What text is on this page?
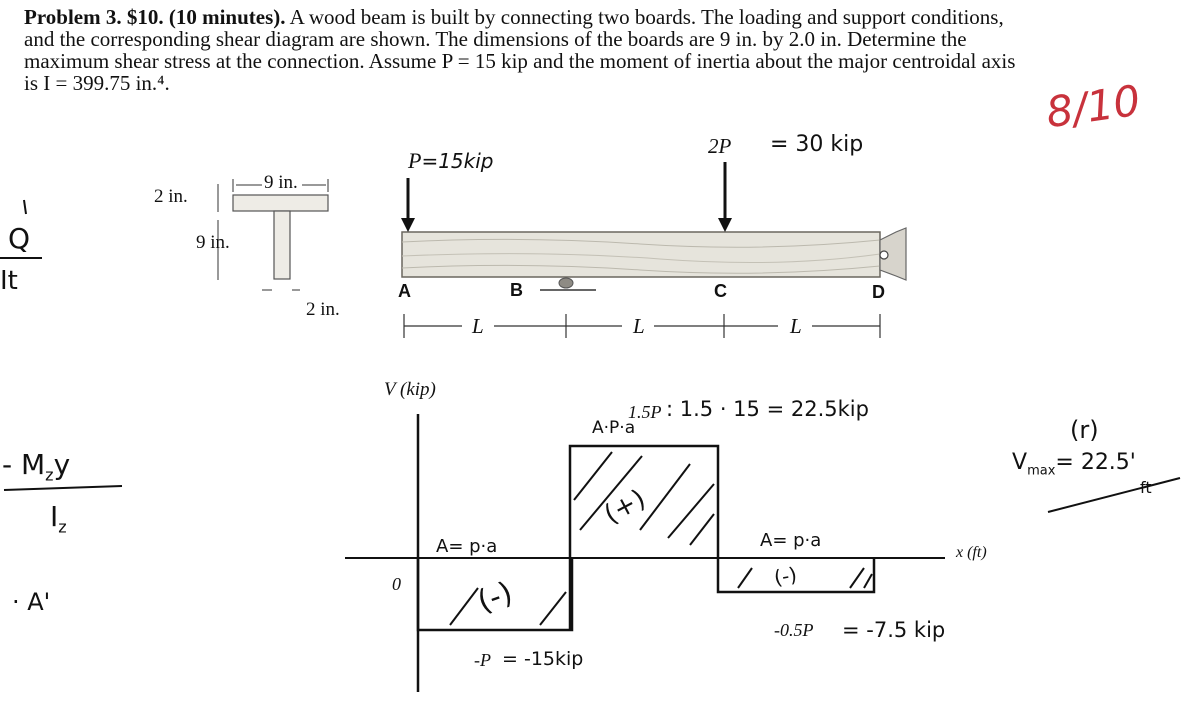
Problem 3. $10. (10 minutes). A wood beam is built by connecting two boards. The loading and support conditions, and the corresponding shear diagram are shown. The dimensions of the boards are 9 in. by 2.0 in. Determine the maximum shear stress at the connection. Assume P = 15 kip and the moment of inertia about the major centroidal axis is I = 399.75 in.⁴.	8/10
9 in.
2 in.
9 in.
2 in.
P=15kip
2P = 30 kip
A	B	C	D
L	L	L
V (kip)
x (ft)
0
1.5P : 1.5 · 15 = 22.5kip
A·P·a
(+)
-P = -15kip
A= p·a
(-)
-0.5P = -7.5 kip
A= p·a
(-)
Q
It
- $M_zy$
$I_z$
· A'
(r)
$V_{max}= 22.5'$
ft
